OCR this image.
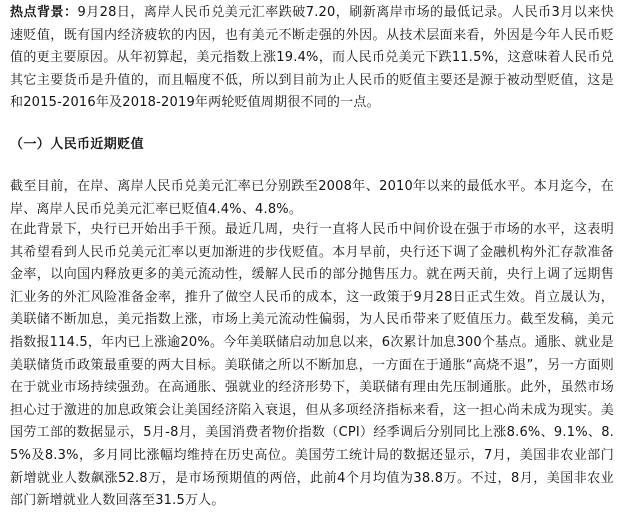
热点背景：9月28日，离岸人民币兑美元汇率跌破7.20，刷新离岸市场的最低记录。人民币3月以来快速贬值，既有国内经济疲软的内因，也有美元不断走强的外因。从技术层面来看，外因是今年人民币贬值的更主要原因。从年初算起，美元指数上涨19.4%，而人民币兑美元下跌11.5%，这意味着人民币兑其它主要货币是升值的，而且幅度不低，所以到目前为止人民币的贬值主要还是源于被动型贬值，这是和2015-2016年及2018-2019年两轮贬值周期很不同的一点。

（一）人民币近期贬值

截至目前，在岸、离岸人民币兑美元汇率已分别跌至2008年、2010年以来的最低水平。本月迄今，在岸、离岸人民币兑美元汇率已贬值4.4%、4.8%。

在此背景下，央行已开始出手干预。最近几周，央行一直将人民币中间价设在强于市场的水平，这表明其希望看到人民币兑美元汇率以更加渐进的步伐贬值。本月早前，央行还下调了金融机构外汇存款准备金率，以向国内释放更多的美元流动性，缓解人民币的部分抛售压力。就在两天前，央行上调了远期售汇业务的外汇风险准备金率，推升了做空人民币的成本，这一政策于9月28日正式生效。肖立晟认为，美联储不断加息，美元指数上涨，市场上美元流动性偏弱，为人民币带来了贬值压力。截至发稿，美元指数报114.5，年内已上涨逾20%。今年美联储启动加息以来，6次累计加息300个基点。通胀、就业是美联储货币政策最重要的两大目标。美联储之所以不断加息，一方面在于通胀“高烧不退”，另一方面则在于就业市场持续强劲。在高通胀、强就业的经济形势下，美联储有理由先压制通胀。此外，虽然市场担心过于激进的加息政策会让美国经济陷入衰退，但从多项经济指标来看，这一担心尚未成为现实。美国劳工部的数据显示，5月-8月，美国消费者物价指数（CPI）经季调后分别同比上涨8.6%、9.1%、8.5%及8.3%，多月同比涨幅均维持在历史高位。美国劳工统计局的数据还显示，7月，美国非农业部门新增就业人数飙涨52.8万，是市场预期值的两倍，此前4个月均值为38.8万。不过，8月，美国非农业部门新增就业人数回落至31.5万人。
